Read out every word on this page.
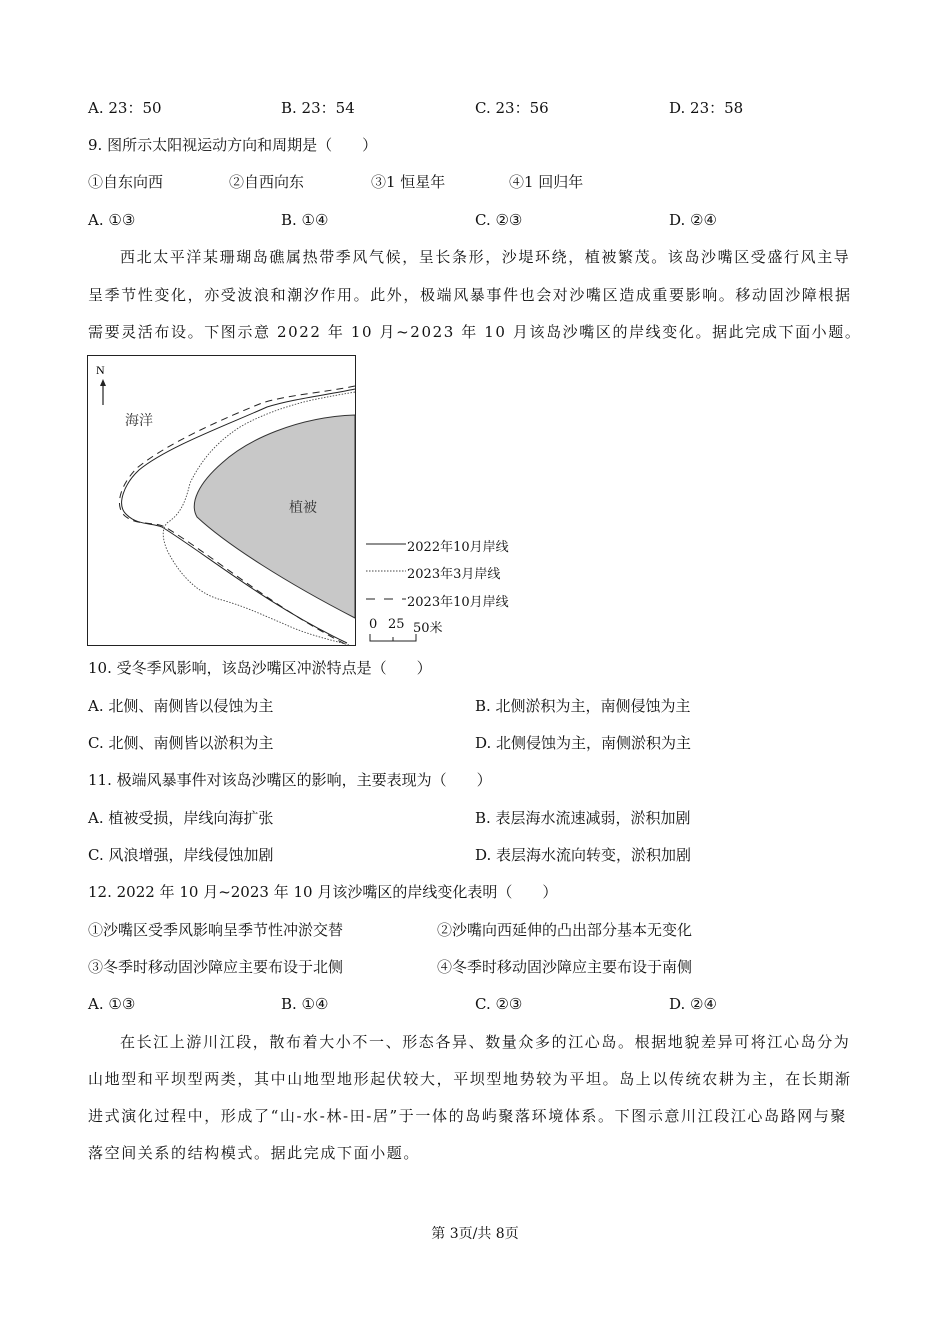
A. 23：50	B. 23：54	C. 23：56	D. 23：58
9. 图所示太阳视运动方向和周期是（　　）
①自东向西	②自西向东	③1 恒星年	④1 回归年
A. ①③	B. ①④	C. ②③	D. ②④
西北太平洋某珊瑚岛礁属热带季风气候，呈长条形，沙堤环绕，植被繁茂。该岛沙嘴区受盛行风主导
呈季节性变化，亦受波浪和潮汐作用。此外，极端风暴事件也会对沙嘴区造成重要影响。移动固沙障根据
需要灵活布设。下图示意 2022 年 10 月~2023 年 10 月该岛沙嘴区的岸线变化。据此完成下面小题。
N
海洋
植被
2022年10月岸线
2023年3月岸线
2023年10月岸线
0 25 50米
10. 受冬季风影响，该岛沙嘴区冲淤特点是（　　）
A. 北侧、南侧皆以侵蚀为主	B. 北侧淤积为主，南侧侵蚀为主
C. 北侧、南侧皆以淤积为主	D. 北侧侵蚀为主，南侧淤积为主
11. 极端风暴事件对该岛沙嘴区的影响，主要表现为（　　）
A. 植被受损，岸线向海扩张	B. 表层海水流速减弱，淤积加剧
C. 风浪增强，岸线侵蚀加剧	D. 表层海水流向转变，淤积加剧
12. 2022 年 10 月~2023 年 10 月该沙嘴区的岸线变化表明（　　）
①沙嘴区受季风影响呈季节性冲淤交替	②沙嘴向西延伸的凸出部分基本无变化
③冬季时移动固沙障应主要布设于北侧	④冬季时移动固沙障应主要布设于南侧
A. ①③	B. ①④	C. ②③	D. ②④
在长江上游川江段，散布着大小不一、形态各异、数量众多的江心岛。根据地貌差异可将江心岛分为
山地型和平坝型两类，其中山地型地形起伏较大，平坝型地势较为平坦。岛上以传统农耕为主，在长期渐
进式演化过程中，形成了“山-水-林-田-居”于一体的岛屿聚落环境体系。下图示意川江段江心岛路网与聚
落空间关系的结构模式。据此完成下面小题。
第 3页/共 8页
